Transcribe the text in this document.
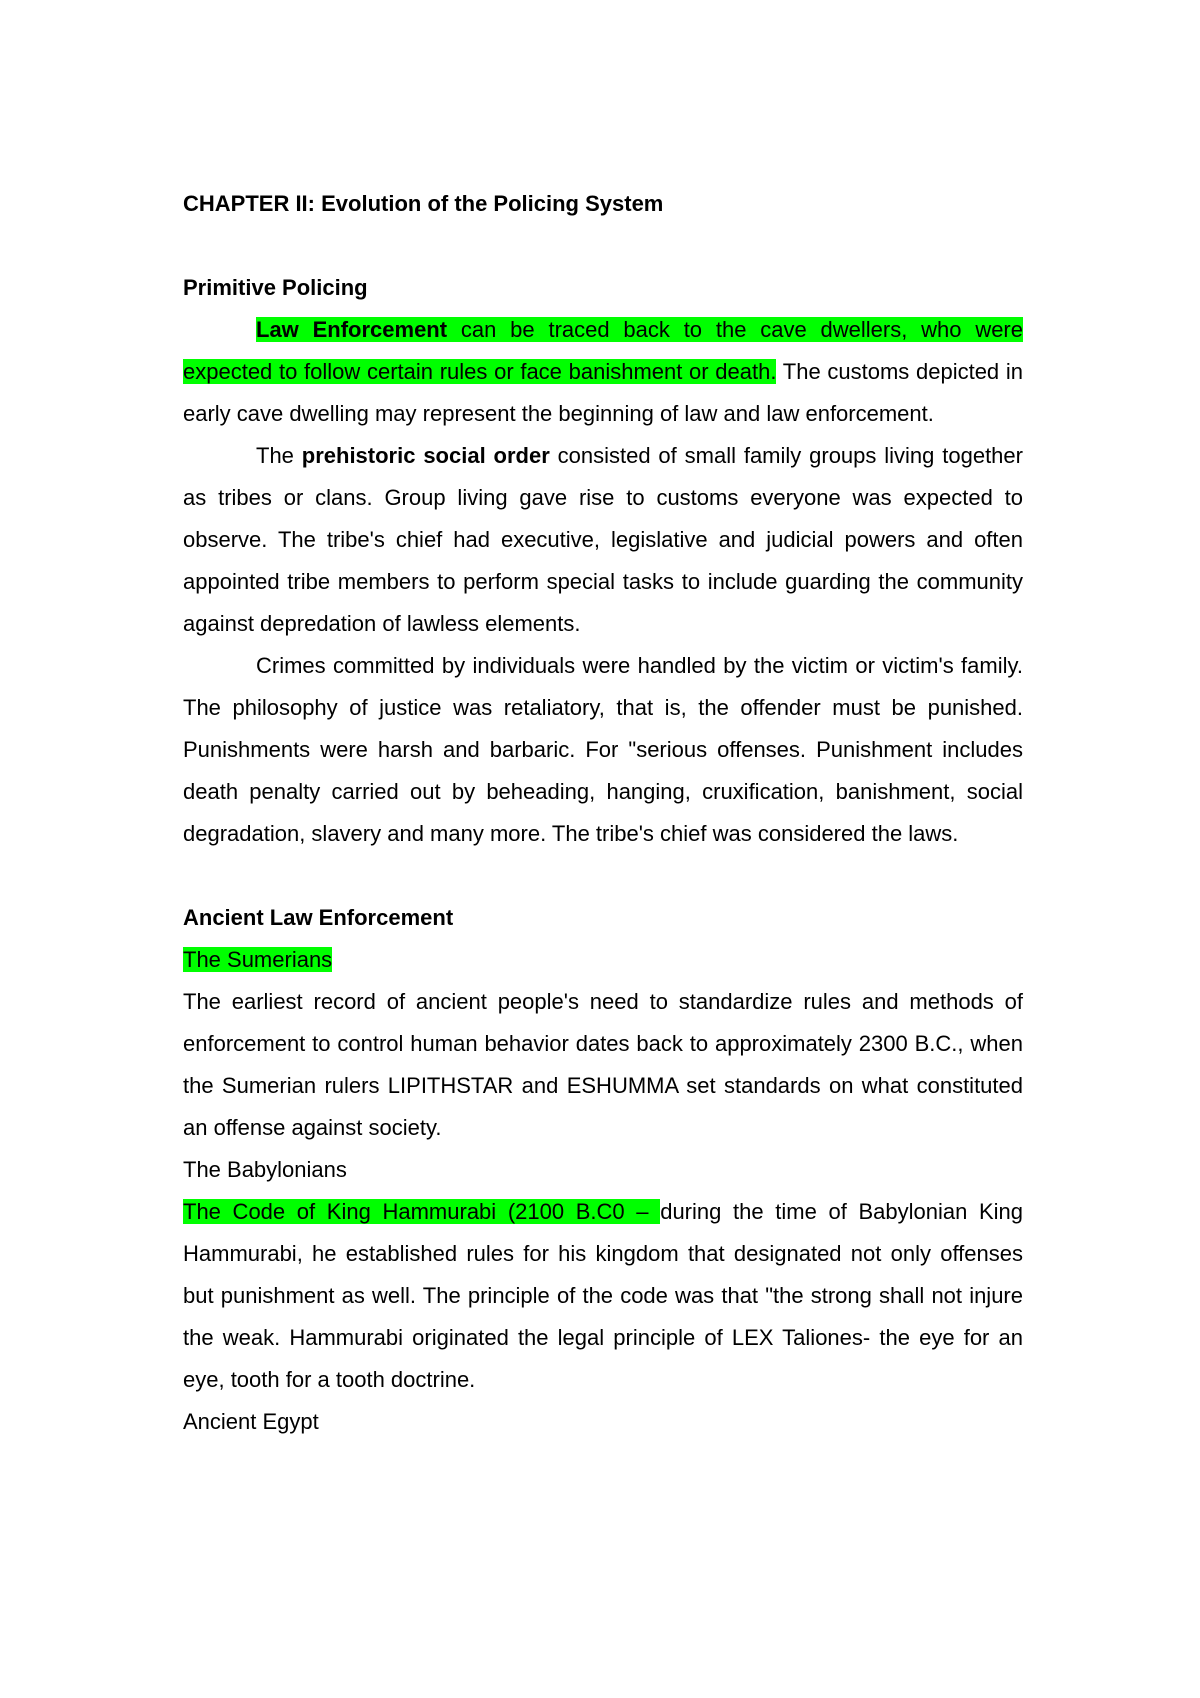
CHAPTER II: Evolution of the Policing System

Primitive Policing

Law Enforcement can be traced back to the cave dwellers, who were expected to follow certain rules or face banishment or death. The customs depicted in early cave dwelling may represent the beginning of law and law enforcement.

The prehistoric social order consisted of small family groups living together as tribes or clans. Group living gave rise to customs everyone was expected to observe. The tribe's chief had executive, legislative and judicial powers and often appointed tribe members to perform special tasks to include guarding the community against depredation of lawless elements.

Crimes committed by individuals were handled by the victim or victim's family. The philosophy of justice was retaliatory, that is, the offender must be punished. Punishments were harsh and barbaric. For "serious offenses. Punishment includes death penalty carried out by beheading, hanging, cruxification, banishment, social degradation, slavery and many more. The tribe's chief was considered the laws.

Ancient Law Enforcement

The Sumerians

The earliest record of ancient people's need to standardize rules and methods of enforcement to control human behavior dates back to approximately 2300 B.C., when the Sumerian rulers LIPITHSTAR and ESHUMMA set standards on what constituted an offense against society.

The Babylonians

The Code of King Hammurabi (2100 B.C0 – during the time of Babylonian King Hammurabi, he established rules for his kingdom that designated not only offenses but punishment as well. The principle of the code was that "the strong shall not injure the weak. Hammurabi originated the legal principle of LEX Taliones- the eye for an eye, tooth for a tooth doctrine.

Ancient Egypt
